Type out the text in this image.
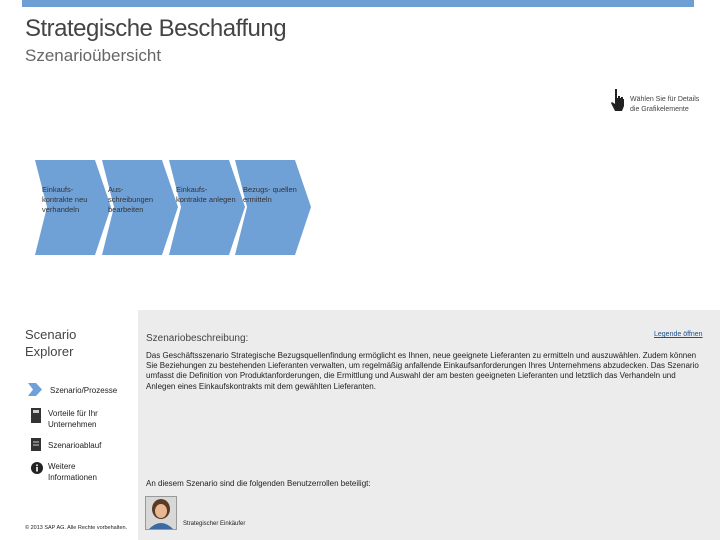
Strategische Beschaffung
Szenarioübersicht
Wählen Sie für Details die Grafikelemente
Einkaufs- kontrakte neu verhandeln
Aus- schreibungen bearbeiten
Einkaufs- kontrakte anlegen
Bezugs- quellen ermitteln
Scenario Explorer
Szenario/Prozesse
Vorteile für Ihr Unternehmen
Szenarioablauf
Weitere Informationen
© 2013 SAP AG. Alle Rechte vorbehalten.
Szenariobeschreibung:	Legende öffnen
Das Geschäftsszenario Strategische Bezugsquellenfindung ermöglicht es Ihnen, neue geeignete Lieferanten zu ermitteln und auszuwählen. Zudem können Sie Beziehungen zu bestehenden Lieferanten verwalten, um regelmäßig anfallende Einkaufsanforderungen Ihres Unternehmens abzudecken. Das Szenario umfasst die Definition von Produktanforderungen, die Ermittlung und Auswahl der am besten geeigneten Lieferanten und letztlich das Verhandeln und Anlegen eines Einkaufskontrakts mit dem gewählten Lieferanten.
An diesem Szenario sind die folgenden Benutzerrollen beteiligt:
Strategischer Einkäufer
